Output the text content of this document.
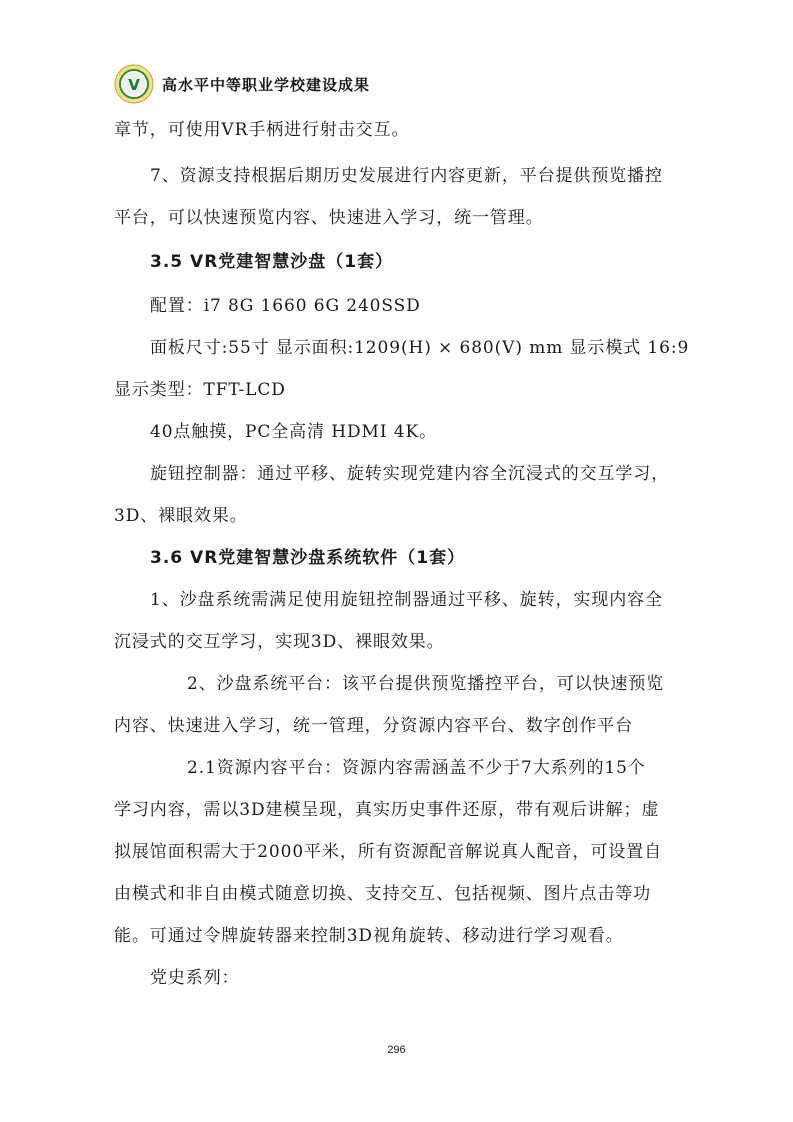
V 高水平中等职业学校建设成果
章节，可使用VR手柄进行射击交互。
7、资源支持根据后期历史发展进行内容更新，平台提供预览播控
平台，可以快速预览内容、快速进入学习，统一管理。
3.5 VR党建智慧沙盘（1套）
配置：i7 8G 1660 6G 240SSD
面板尺寸:55寸 显示面积:1209(H) × 680(V) mm 显示模式 16:9
显示类型：TFT-LCD
40点触摸，PC全高清 HDMI 4K。
旋钮控制器：通过平移、旋转实现党建内容全沉浸式的交互学习，
3D、裸眼效果。
3.6 VR党建智慧沙盘系统软件（1套）
1、沙盘系统需满足使用旋钮控制器通过平移、旋转，实现内容全
沉浸式的交互学习，实现3D、裸眼效果。
2、沙盘系统平台：该平台提供预览播控平台，可以快速预览
内容、快速进入学习，统一管理，分资源内容平台、数字创作平台
2.1资源内容平台：资源内容需涵盖不少于7大系列的15个
学习内容，需以3D建模呈现，真实历史事件还原，带有观后讲解；虚
拟展馆面积需大于2000平米，所有资源配音解说真人配音，可设置自
由模式和非自由模式随意切换、支持交互、包括视频、图片点击等功
能。可通过令牌旋转器来控制3D视角旋转、移动进行学习观看。
党史系列：
296
